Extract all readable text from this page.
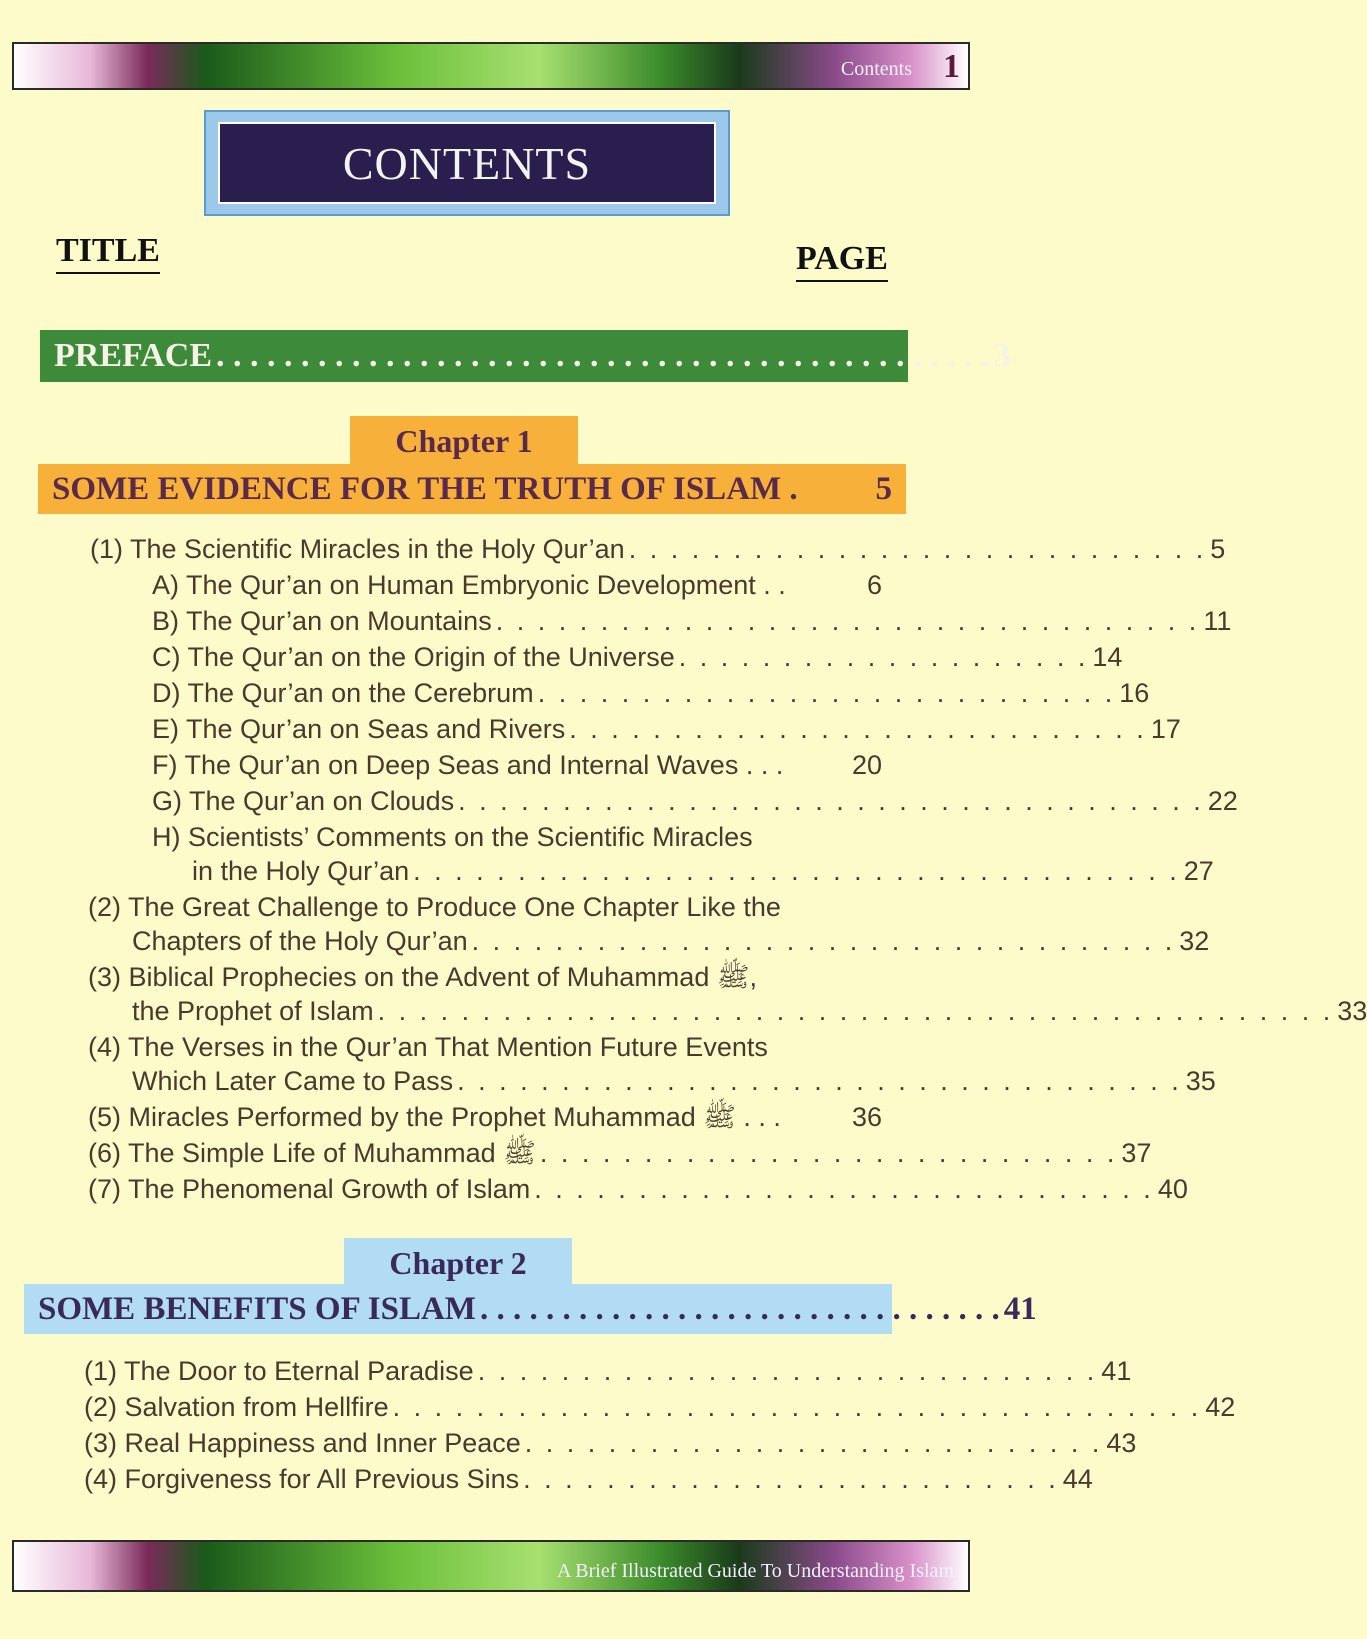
Contents 1
CONTENTS
TITLE	PAGE
PREFACE . . . . . . . . . . . . . . . . . . . . . . . . . . . . . . . . . . . . . . . . . . . . . . 3
Chapter 1
SOME EVIDENCE FOR THE TRUTH OF ISLAM . 5
(1) The Scientific Miracles in the Holy Qur’an . . . . . . . . . . . . . . . . . . . . . . . . . . . . 5
A) The Qur’an on Human Embryonic Development . .	6
B) The Qur’an on Mountains . . . . . . . . . . . . . . . . . . . . . . . . . . . . . . . . . . 11
C) The Qur’an on the Origin of the Universe . . . . . . . . . . . . . . . . . . . . 14
D) The Qur’an on the Cerebrum . . . . . . . . . . . . . . . . . . . . . . . . . . . . 16
E) The Qur’an on Seas and Rivers . . . . . . . . . . . . . . . . . . . . . . . . . . . . 17
F) The Qur’an on Deep Seas and Internal Waves . . .	20
G) The Qur’an on Clouds . . . . . . . . . . . . . . . . . . . . . . . . . . . . . . . . . . . . 22
H) Scientists’ Comments on the Scientific Miracles
in the Holy Qur’an . . . . . . . . . . . . . . . . . . . . . . . . . . . . . . . . . . . . . 27
(2) The Great Challenge to Produce One Chapter Like the
Chapters of the Holy Qur’an . . . . . . . . . . . . . . . . . . . . . . . . . . . . . . . . . . 32
(3) Biblical Prophecies on the Advent of Muhammad ﷺ,
the Prophet of Islam . . . . . . . . . . . . . . . . . . . . . . . . . . . . . . . . . . . . . . . . . . . . . . 33
(4) The Verses in the Qur’an That Mention Future Events
Which Later Came to Pass . . . . . . . . . . . . . . . . . . . . . . . . . . . . . . . . . . . 35
(5) Miracles Performed by the Prophet Muhammad ﷺ . . .	36
(6) The Simple Life of Muhammad ﷺ . . . . . . . . . . . . . . . . . . . . . . . . . . . . 37
(7) The Phenomenal Growth of Islam . . . . . . . . . . . . . . . . . . . . . . . . . . . . . . 40
Chapter 2
SOME BENEFITS OF ISLAM . . . . . . . . . . . . . . . . . . . . . . . . . . . . . . . . 41
(1) The Door to Eternal Paradise . . . . . . . . . . . . . . . . . . . . . . . . . . . . . . 41
(2) Salvation from Hellfire . . . . . . . . . . . . . . . . . . . . . . . . . . . . . . . . . . . . . . . 42
(3) Real Happiness and Inner Peace . . . . . . . . . . . . . . . . . . . . . . . . . . . . 43
(4) Forgiveness for All Previous Sins . . . . . . . . . . . . . . . . . . . . . . . . . . 44
A Brief Illustrated Guide To Understanding Islam
